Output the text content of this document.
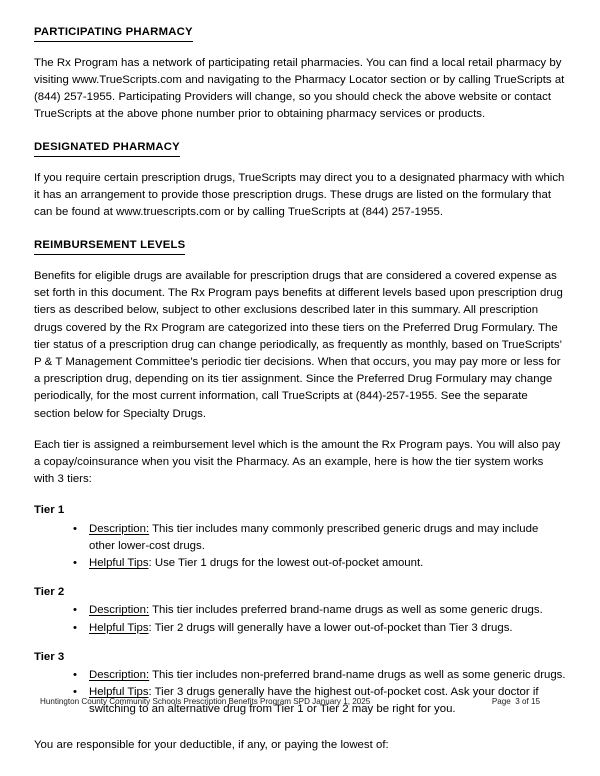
PARTICIPATING PHARMACY

The Rx Program has a network of participating retail pharmacies. You can find a local retail pharmacy by visiting www.TrueScripts.com and navigating to the Pharmacy Locator section or by calling TrueScripts at (844) 257-1955. Participating Providers will change, so you should check the above website or contact TrueScripts at the above phone number prior to obtaining pharmacy services or products.

DESIGNATED PHARMACY

If you require certain prescription drugs, TrueScripts may direct you to a designated pharmacy with which it has an arrangement to provide those prescription drugs. These drugs are listed on the formulary that can be found at www.truescripts.com or by calling TrueScripts at (844) 257-1955.

REIMBURSEMENT LEVELS

Benefits for eligible drugs are available for prescription drugs that are considered a covered expense as set forth in this document. The Rx Program pays benefits at different levels based upon prescription drug tiers as described below, subject to other exclusions described later in this summary. All prescription drugs covered by the Rx Program are categorized into these tiers on the Preferred Drug Formulary. The tier status of a prescription drug can change periodically, as frequently as monthly, based on TrueScripts’ P & T Management Committee’s periodic tier decisions. When that occurs, you may pay more or less for a prescription drug, depending on its tier assignment. Since the Preferred Drug Formulary may change periodically, for the most current information, call TrueScripts at (844)-257-1955. See the separate section below for Specialty Drugs.

Each tier is assigned a reimbursement level which is the amount the Rx Program pays. You will also pay a copay/coinsurance when you visit the Pharmacy. As an example, here is how the tier system works with 3 tiers:

Tier 1
• Description: This tier includes many commonly prescribed generic drugs and may include other lower-cost drugs.
• Helpful Tips: Use Tier 1 drugs for the lowest out-of-pocket amount.
Tier 2
• Description: This tier includes preferred brand-name drugs as well as some generic drugs.
• Helpful Tips: Tier 2 drugs will generally have a lower out-of-pocket than Tier 3 drugs.
Tier 3
• Description: This tier includes non-preferred brand-name drugs as well as some generic drugs.
• Helpful Tips: Tier 3 drugs generally have the highest out-of-pocket cost. Ask your doctor if switching to an alternative drug from Tier 1 or Tier 2 may be right for you.

You are responsible for your deductible, if any, or paying the lowest of:

Huntington County Community Schools Prescription Benefits Program SPD January 1, 2025	Page  3 of 15
